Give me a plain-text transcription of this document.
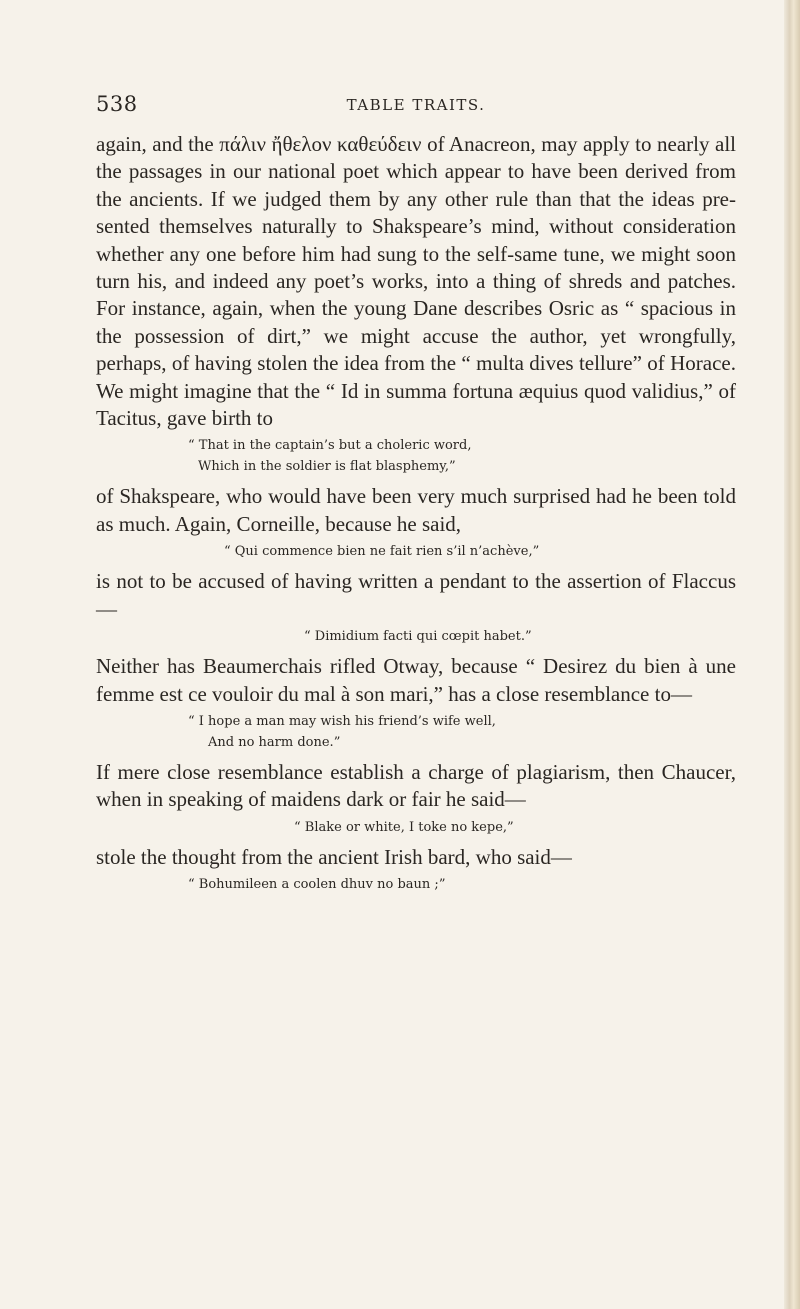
538	TABLE TRAITS.

again, and the πάλιν ἤθελον καθεύδειν of Anacreon, may apply to nearly all the passages in our national poet which appear to have been derived from the ancients. If we judged them by any other rule than that the ideas pre-sented themselves naturally to Shakspeare’s mind, without consideration whether any one before him had sung to the self-same tune, we might soon turn his, and indeed any poet’s works, into a thing of shreds and patches. For instance, again, when the young Dane describes Osric as “ spacious in the possession of dirt,” we might accuse the author, yet wrongfully, perhaps, of having stolen the idea from the “ multa dives tellure” of Horace. We might imagine that the “ Id in summa fortuna æquius quod validius,” of Tacitus, gave birth to

“ That in the captain’s but a choleric word,
Which in the soldier is flat blasphemy,”

of Shakspeare, who would have been very much surprised had he been told as much. Again, Corneille, because he said,

“ Qui commence bien ne fait rien s’il n’achève,”

is not to be accused of having written a pendant to the assertion of Flaccus—

“ Dimidium facti qui cœpit habet.”

Neither has Beaumerchais rifled Otway, because “ Desirez du bien à une femme est ce vouloir du mal à son mari,” has a close resemblance to—

“ I hope a man may wish his friend’s wife well,
And no harm done.”

If mere close resemblance establish a charge of plagiarism, then Chaucer, when in speaking of maidens dark or fair he said—

“ Blake or white, I toke no kepe,”

stole the thought from the ancient Irish bard, who said—

“ Bohumileen a coolen dhuv no baun ;”
